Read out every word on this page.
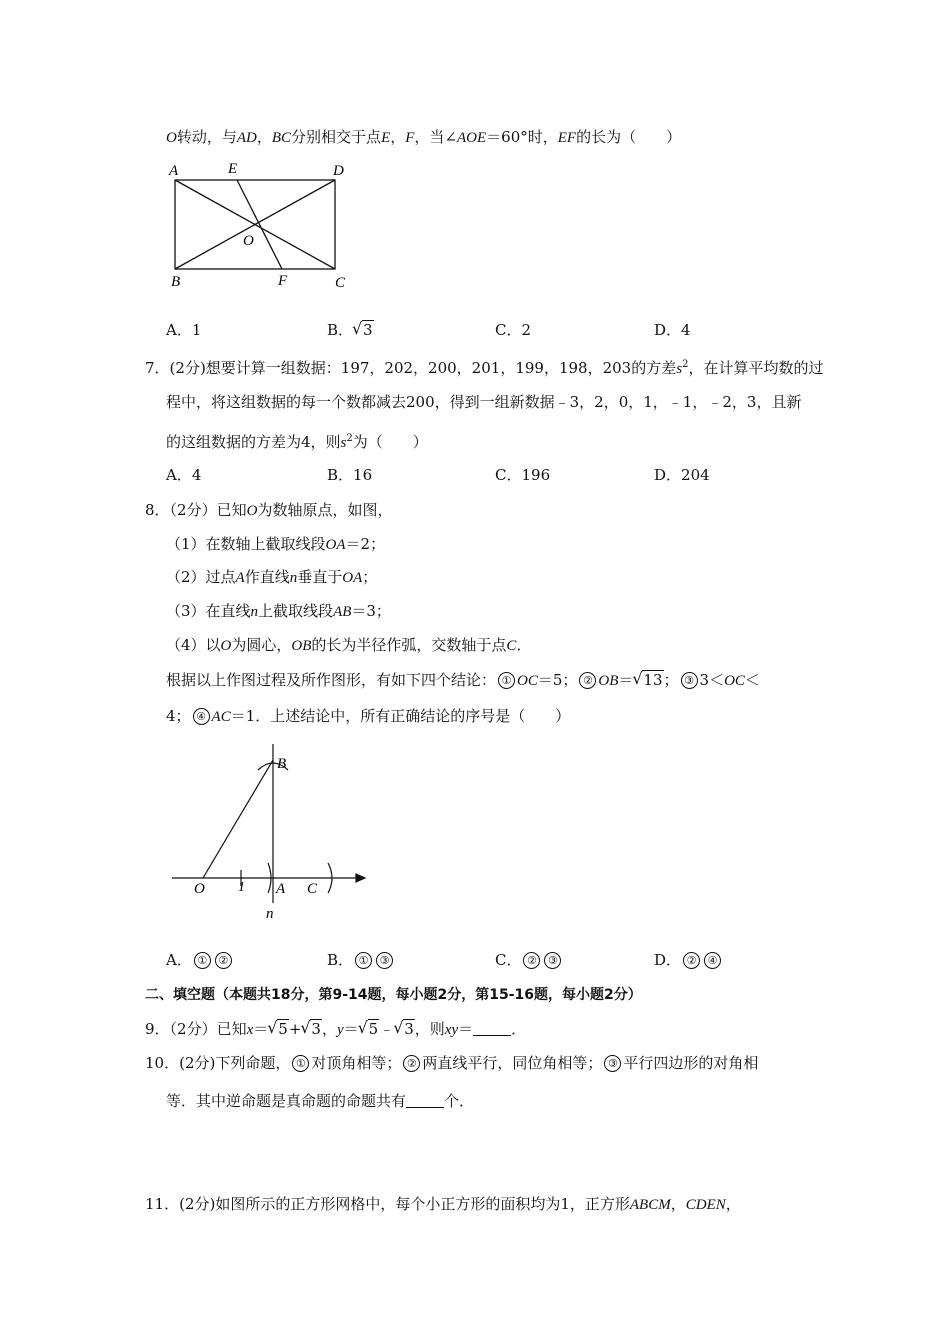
O转动，与AD，BC分别相交于点E，F，当∠AOE＝60°时，EF的长为（　　）
A	E	D
O
B	F	C
A．1	B． √ 3	C．2	D．4
7．(2分)想要计算一组数据：197，202，200，201，199，198，203的方差$s^2$，在计算平均数的过
程中，将这组数据的每一个数都减去200，得到一组新数据﹣3，2，0，1，﹣1，﹣2，3，且新
的这组数据的方差为4，则$s^2$为（　　）
A．4	B．16	C．196	D．204
8．（2分）已知O为数轴原点，如图，
（1）在数轴上截取线段OA＝2；
（2）过点A作直线n垂直于OA；
（3）在直线n上截取线段AB＝3；
（4）以O为圆心，OB的长为半径作弧，交数轴于点C．
根据以上作图过程及所作图形，有如下四个结论： ① OC＝5； ② OB＝ √ 13； ③ 3＜OC＜
4； ④ AC＝1．上述结论中，所有正确结论的序号是（　　）
B
O 1 A C
n
A． ① ②	B． ① ③	C． ② ③	D． ② ④
二、填空题（本题共18分，第9-14题，每小题2分，第15-16题，每小题2分）
9．（2分）已知x＝ √ 5+ √ 3，y＝ √ 5﹣ √ 3，则xy＝	．
10．(2分)下列命题， ① 对顶角相等； ② 两直线平行，同位角相等； ③ 平行四边形的对角相
等．其中逆命题是真命题的命题共有	个．
11．(2分)如图所示的正方形网格中，每个小正方形的面积均为1，正方形ABCM，CDEN，
